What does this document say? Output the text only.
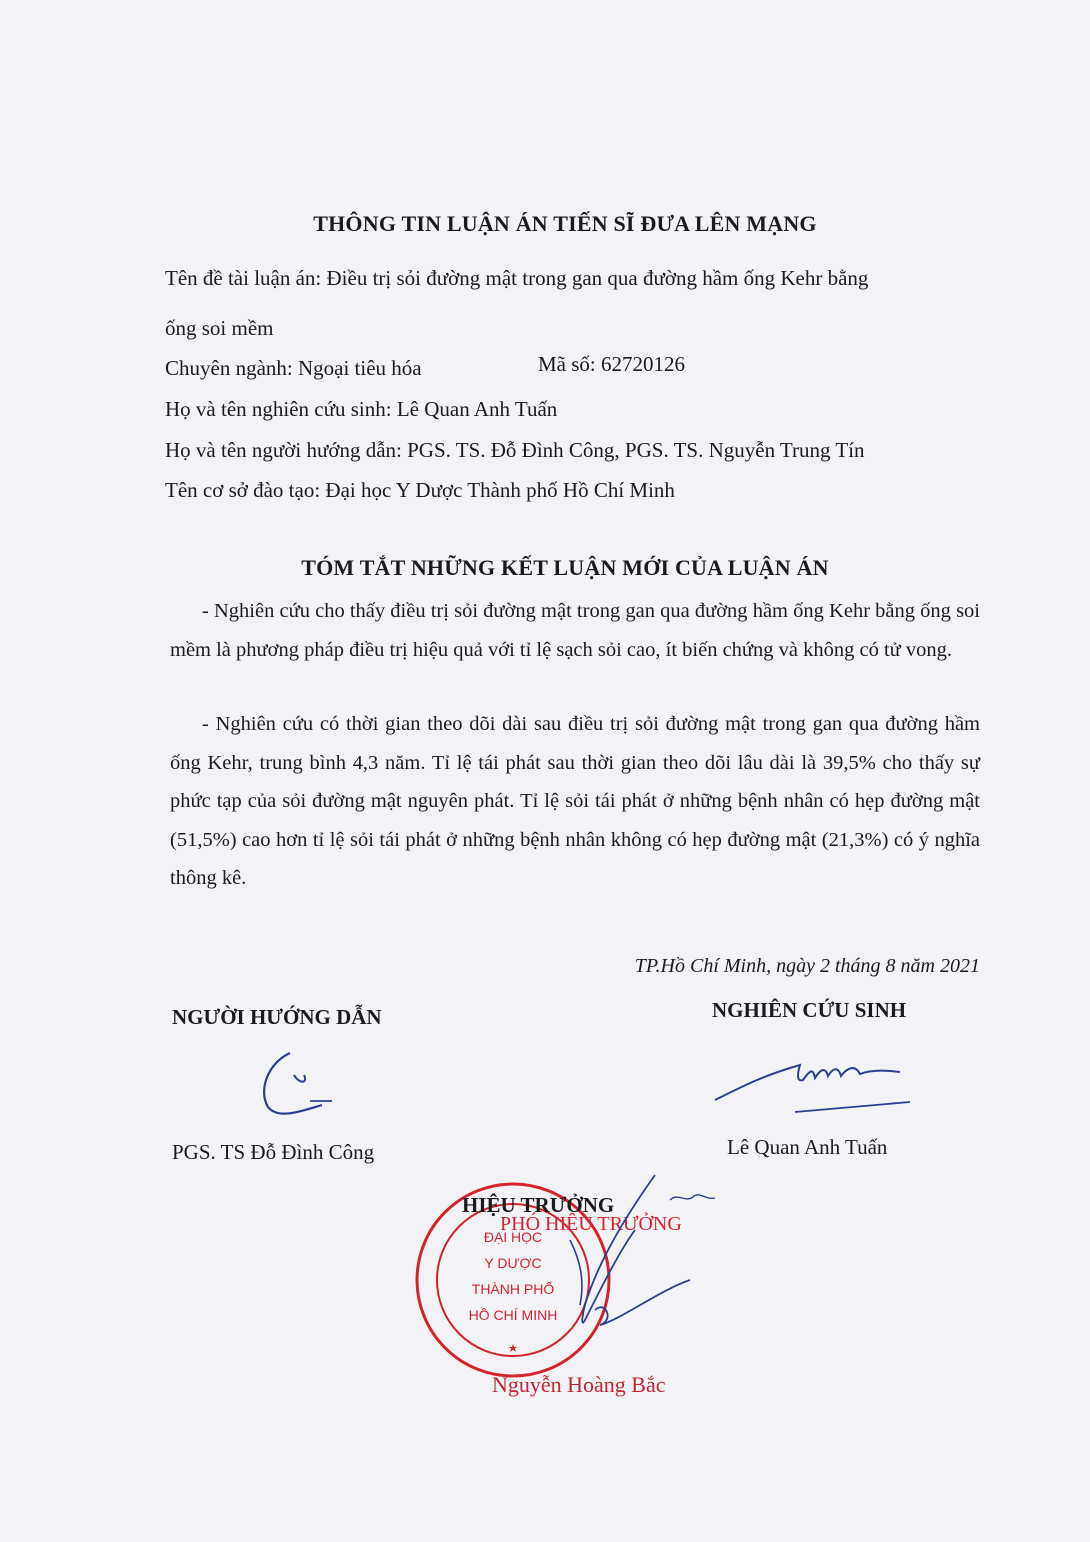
THÔNG TIN LUẬN ÁN TIẾN SĨ ĐƯA LÊN MẠNG
Tên đề tài luận án: Điều trị sỏi đường mật trong gan qua đường hầm ống Kehr bằng
ống soi mềm
Chuyên ngành: Ngoại tiêu hóa	Mã số: 62720126
Họ và tên nghiên cứu sinh: Lê Quan Anh Tuấn
Họ và tên người hướng dẫn: PGS. TS. Đỗ Đình Công, PGS. TS. Nguyễn Trung Tín
Tên cơ sở đào tạo: Đại học Y Dược Thành phố Hồ Chí Minh
TÓM TẮT NHỮNG KẾT LUẬN MỚI CỦA LUẬN ÁN
- Nghiên cứu cho thấy điều trị sỏi đường mật trong gan qua đường hầm ống Kehr bằng ống soi mềm là phương pháp điều trị hiệu quả với tỉ lệ sạch sỏi cao, ít biến chứng và không có tử vong.
- Nghiên cứu có thời gian theo dõi dài sau điều trị sỏi đường mật trong gan qua đường hầm ống Kehr, trung bình 4,3 năm. Tỉ lệ tái phát sau thời gian theo dõi lâu dài là 39,5% cho thấy sự phức tạp của sỏi đường mật nguyên phát. Tỉ lệ sỏi tái phát ở những bệnh nhân có hẹp đường mật (51,5%) cao hơn tỉ lệ sỏi tái phát ở những bệnh nhân không có hẹp đường mật (21,3%) có ý nghĩa thông kê.
TP.Hồ Chí Minh, ngày 2 tháng 8 năm 2021
NGƯỜI HƯỚNG DẪN	NGHIÊN CỨU SINH
PGS. TS Đỗ Đình Công	Lê Quan Anh Tuấn
ĐẠI HỌC
Y DƯỢC
THÀNH PHỐ
HỒ CHÍ MINH
HIỆU TRƯỞNG
PHÓ HIỆU TRƯỞNG
Nguyễn Hoàng Bắc
